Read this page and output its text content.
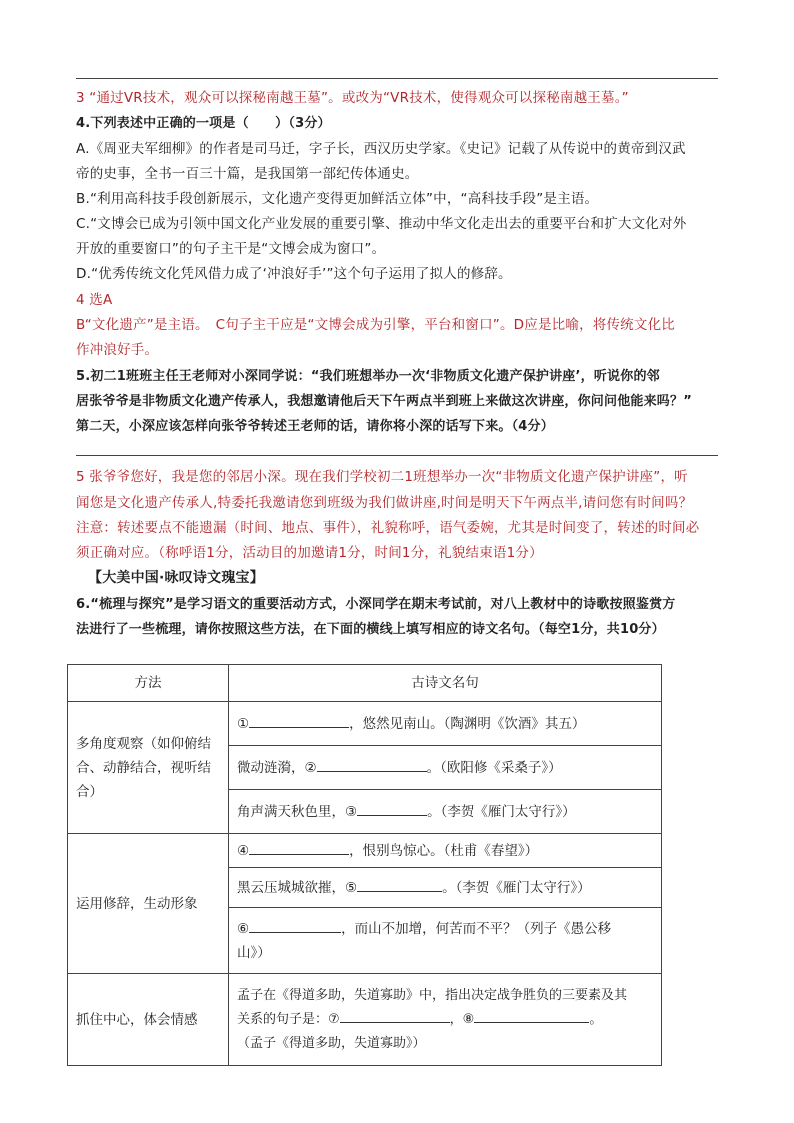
3 “通过VR技术，观众可以探秘南越王墓”。或改为“VR技术，使得观众可以探秘南越王墓。”
4.下列表述中正确的一项是（　　）（3分）
A.《周亚夫军细柳》的作者是司马迁，字子长，西汉历史学家。《史记》记载了从传说中的黄帝到汉武
帝的史事，全书一百三十篇，是我国第一部纪传体通史。
B.“利用高科技手段创新展示，文化遗产变得更加鲜活立体”中，“高科技手段”是主语。
C.“文博会已成为引领中国文化产业发展的重要引擎、推动中华文化走出去的重要平台和扩大文化对外
开放的重要窗口”的句子主干是“文博会成为窗口”。
D.“优秀传统文化凭风借力成了‘冲浪好手’”这个句子运用了拟人的修辞。
4 选A
B“文化遗产”是主语。　C句子主干应是“文博会成为引擎，平台和窗口”。D应是比喻，将传统文化比
作冲浪好手。
5.初二1班班主任王老师对小深同学说：“我们班想举办一次‘非物质文化遗产保护讲座’，听说你的邻
居张爷爷是非物质文化遗产传承人，我想邀请他后天下午两点半到班上来做这次讲座，你问问他能来吗？”
第二天，小深应该怎样向张爷爷转述王老师的话，请你将小深的话写下来。（4分）
5 张爷爷您好，我是您的邻居小深。现在我们学校初二1班想举办一次“非物质文化遗产保护讲座”，听
闻您是文化遗产传承人,特委托我邀请您到班级为我们做讲座,时间是明天下午两点半,请问您有时间吗？
注意：转述要点不能遗漏（时间、地点、事件），礼貌称呼，语气委婉，尤其是时间变了，转述的时间必
须正确对应。（称呼语1分，活动目的加邀请1分，时间1分，礼貌结束语1分）
【大美中国·咏叹诗文瑰宝】
6.“梳理与探究”是学习语文的重要活动方式，小深同学在期末考试前，对八上教材中的诗歌按照鉴赏方
法进行了一些梳理，请你按照这些方法，在下面的横线上填写相应的诗文名句。（每空1分，共10分）
方法	古诗文名句
多角度观察（如仰俯结合、动静结合，视听结合）	① ，悠然见南山。（陶渊明《饮酒》其五）
	微动涟漪，② 。（欧阳修《采桑子》）
	角声满天秋色里，③ 。（李贺《雁门太守行》）
运用修辞，生动形象	④ ，恨别鸟惊心。（杜甫《春望》）
	黑云压城城欲摧，⑤ 。（李贺《雁门太守行》）
	⑥ ，而山不加增，何苦而不平？（列子《愚公移
山》）
抓住中心，体会情感	孟子在《得道多助，失道寡助》中，指出决定战争胜负的三要素及其
关系的句子是：⑦ ，⑧ 。
（孟子《得道多助，失道寡助》）
